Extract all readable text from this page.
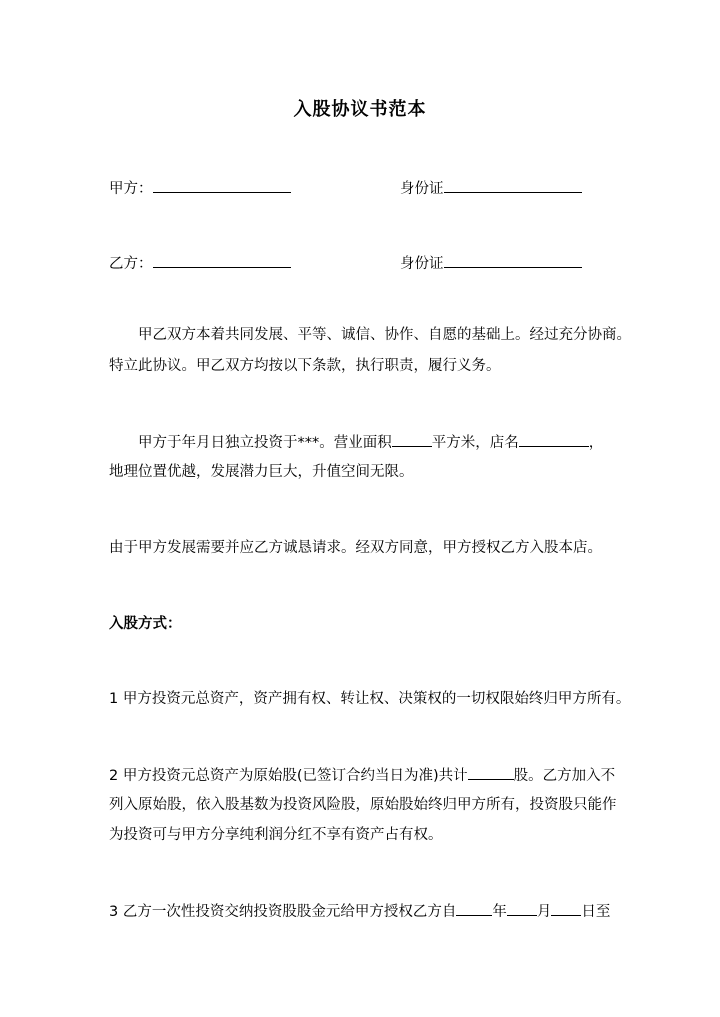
入股协议书范本
甲方：	身份证
乙方：	身份证
甲乙双方本着共同发展、平等、诚信、协作、自愿的基础上。经过充分协商。
特立此协议。甲乙双方均按以下条款，执行职责，履行义务。
甲方于年月日独立投资于***。营业面积	平方米，店名	，
地理位置优越，发展潜力巨大，升值空间无限。
由于甲方发展需要并应乙方诚恳请求。经双方同意，甲方授权乙方入股本店。
入股方式：
1 甲方投资元总资产，资产拥有权、转让权、决策权的一切权限始终归甲方所有。
2 甲方投资元总资产为原始股(已签订合约当日为准)共计	股。乙方加入不
列入原始股，依入股基数为投资风险股，原始股始终归甲方所有，投资股只能作
为投资可与甲方分享纯利润分红不享有资产占有权。
3 乙方一次性投资交纳投资股股金元给甲方授权乙方自 年 月 日至
